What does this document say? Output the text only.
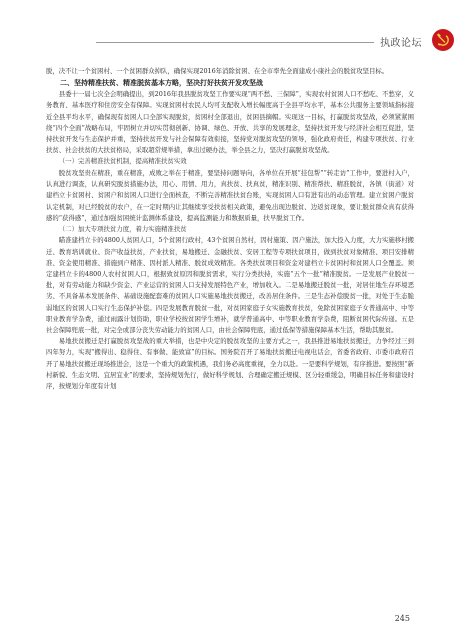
执政论坛

脱，决不让一个贫困村、一个贫困群众掉队，确保实现2016年消除贫困、在全市率先全面建成小康社会的脱贫攻坚目标。

二、坚持精准扶贫、精准脱贫基本方略，坚决打好扶贫开发攻坚战

县委十一届七次全会明确提出，到2016年我县脱贫攻坚工作要实现“两不愁、三保障”，实现农村贫困人口不愁吃、不愁穿，义务教育、基本医疗和住房安全有保障。实现贫困村农民人均可支配收入增长幅度高于全县平均水平，基本公共服务主要领域指标接近全县平均水平，确保现有贫困人口全部实现脱贫，贫困村全部退出，贫困县摘帽。实现这一目标，打赢脱贫攻坚战，必须紧紧围绕“四个全面”战略布局，牢固树立并切实贯彻创新、协调、绿色、开放、共享的发展理念，坚持扶贫开发与经济社会相互促进，坚持扶贫开发与生态保护并重，坚持扶贫开发与社会保障有效衔接，坚持党对脱贫攻坚的领导，强化政府责任，构建专项扶贫、行业扶贫、社会扶贫的大扶贫格局，采取超常规举措，拿出过硬办法，举全县之力，坚决打赢脱贫攻坚战。

（一）完善精准扶贫机制，提高精准扶贫实效

脱贫攻坚贵在精准，重在精准，成败之举在于精准，要坚持问题导向，各单位在开展“挂包帮”“转走访”工作中，要进村入户，认真进行调查，认真研究脱贫措施办法，用心、用情、用力，真扶贫、扶真贫，精准识别、精准帮扶、精准脱贫，各镇（街道）对建档立卡贫困村、贫困户和贫困人口进行全面核查，不断完善精准扶贫台账，实现贫困人口有进有出的动态管理。建立贫困户脱贫认定机制，对已经脱贫的农户，在一定时期内让其继续享受扶贫相关政策，避免出现边脱贫、边返贫现象，要让脱贫群众真有获得感的“获得感”，通过加强贫困统计监测体系建设，提高监测能力和数据质量，扶早脱贫工作。

（二）加大专项扶贫力度，着力实施精准扶贫

瞄准建档立卡的4800人贫困人口，5个贫困行政村，43个贫困自然村，因村施策、因户施法，加大投入力度，大力实施移村搬迁、教育培训就业、资产收益扶贫，产业扶贫，易地搬迁、金融扶贫、安居工程等专项扶贫项目，做到扶贫对象精准、项目安排精准、资金使用精准、措施到户精准、因村派人精准、脱贫成效精准。各类扶贫项目和资金对建档立卡贫困村和贫困人口全覆盖。须定建档立卡的4800人农村贫困人口，根据致贫原因和脱贫需求，实行分类扶持，实施“五个一批”精准脱贫。一是发展产业脱贫一批，对有劳动能力和缺少资金、产业运营的贫困人口支持发展特色产业，增加收入。二是易地搬迁脱贫一批，对居住地生存环境恶劣、不具备基本发展条件、基础设施配套难的贫困人口实施易地扶贫搬迁，改善居住条件。三是生态补偿脱贫一批，对处于生态脆弱地区的贫困人口实行生态保护补偿。四是发展教育脱贫一批，对贫困家庭子女实施教育扶贫，免除贫困家庭子女普通高中、中等职业教育学杂费，通过雨露计划资助，职业学校按贫困学生增补，就学普通高中、中等职业教育学杂费，阻断贫困代际传递。五是社会保障兜底一批，对完全或部分丧失劳动能力的贫困人口，由社会保障兜底，通过低保等措施保障基本生活，帮助其脱贫。

易地扶贫搬迁是打赢脱贫攻坚战的重大举措，也是中央定的脱贫攻坚的主要方式之一，我县推进易地扶贫搬迁，力争经过三到四年努力，实现“搬得出、稳得住、有事做、能致富”的目标。国务院召开了易地扶贫搬迁电视电话会，省委省政府、市委市政府召开了易地扶贫搬迁现场推进会，这是一个重大的政策机遇，我们务必高度重视，全力以赴。一是要科学规划，有序推进。要按照“新村新貌、生态文明、宜居宜业”的要求，坚持规划先行，做好科学规划、合理确定搬迁规模、区分轻重缓急，明确目标任务和建设时序，按规划分年度有计划

245
